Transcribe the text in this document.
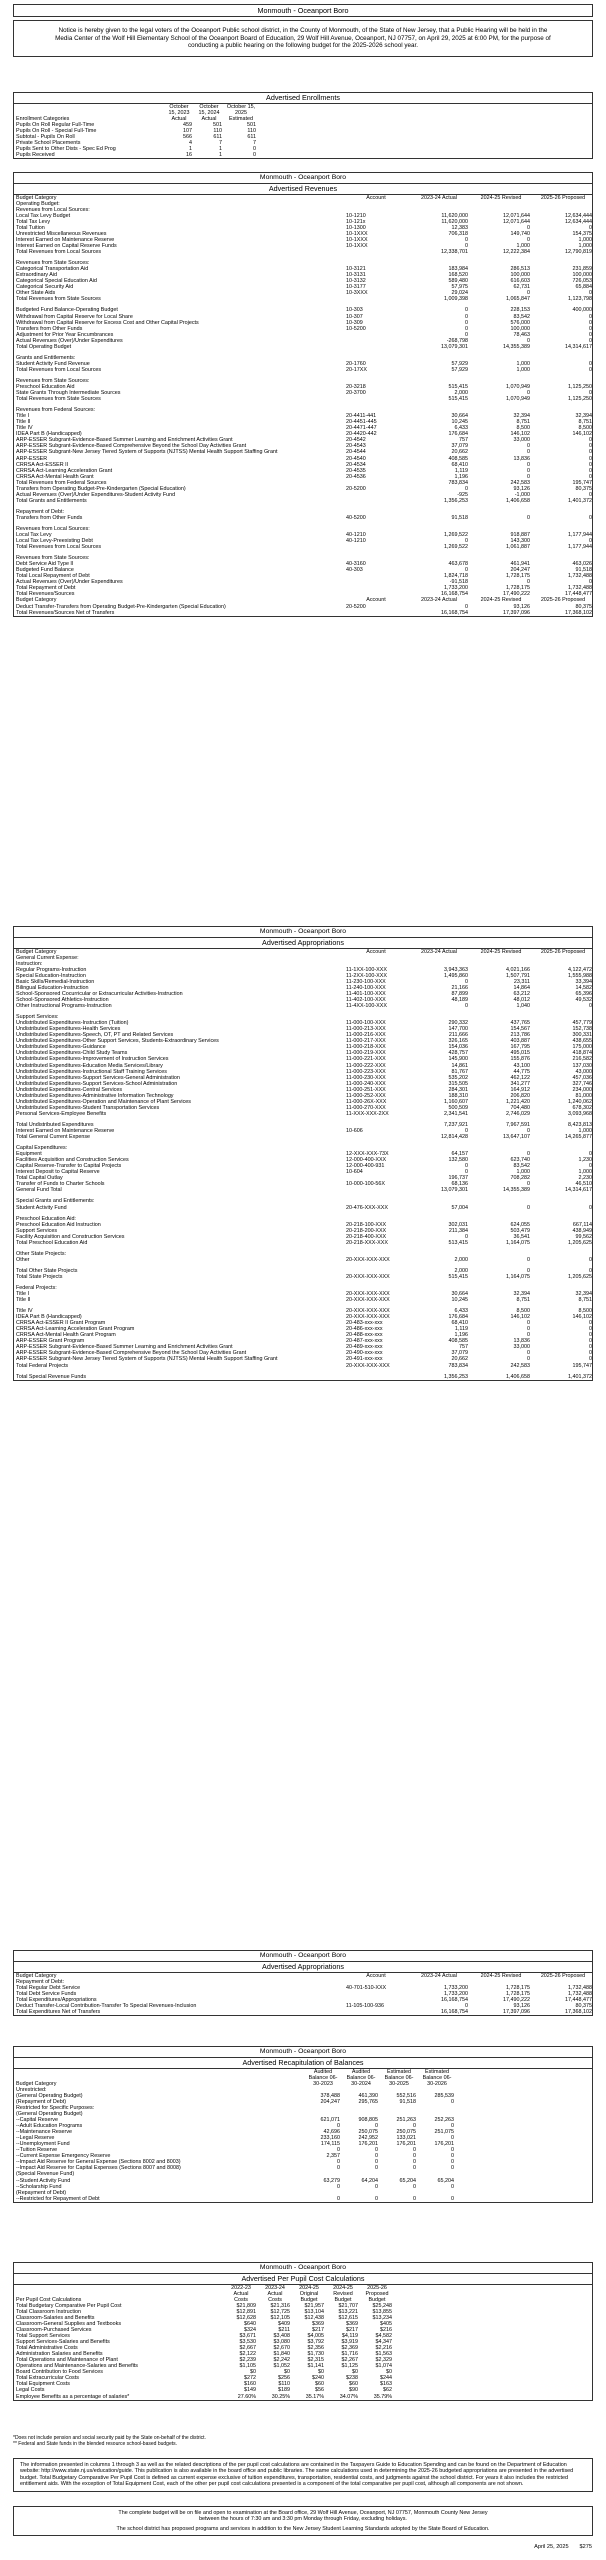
Monmouth - Oceanport Boro
Notice is hereby given to the legal voters of the Oceanport Public school district, in the County of Monmouth, of the State of New Jersey, that a Public Hearing will be held in the Media Center of the Wolf Hill Elementary School of the Oceanport Board of Education, 29 Wolf Hill Avenue, Oceanport, NJ 07757, on April 29, 2025 at 6:00 PM, for the purpose of conducting a public hearing on the following budget for the 2025-2026 school year.
Advertised Enrollments
Enrollment Categories	October 15, 2023 Actual	October 15, 2024 Actual	October 15, 2025 Estimated
Pupils On Roll Regular Full-Time	459	501	501
Pupils On Roll - Special Full-Time	107	110	110
Subtotal - Pupils On Roll	566	611	611
Private School Placements	4	7	7
Pupils Sent to Other Dists - Spec Ed Prog	1	1	0
Pupils Received	16	1	0
Monmouth - Oceanport Boro
Advertised Revenues
Budget Category	Account	2023-24 Actual	2024-25 Revised	2025-26 Proposed
Operating Budget:				
Revenues from Local Sources:				
Local Tax Levy Budget	10-1210	11,620,000	12,071,644	12,634,444
Total Tax Levy	10-121x	11,620,000	12,071,644	12,634,444
Total Tuition	10-1300	12,383	0	0
Unrestricted Miscellaneous Revenues	10-1XXX	706,318	149,740	154,375
Interest Earned on Maintenance Reserve	10-1XXX	0	0	1,000
Interest Earned on Capital Reserve Funds	10-1XXX	0	1,000	1,000
Total Revenues from Local Sources		12,338,701	12,222,384	12,790,819

Revenues from State Sources:				
Categorical Transportation Aid	10-3121	183,984	286,513	231,859
Extraordinary Aid	10-3131	168,520	100,000	100,000
Categorical Special Education Aid	10-3132	589,480	616,603	726,053
Categorical Security Aid	10-3177	57,975	62,731	65,884
Other State Aids	10-3XXX	29,024	0	0
Total Revenues from State Sources		1,009,398	1,065,847	1,123,798

Budgeted Fund Balance-Operating Budget	10-303	0	228,153	400,000
Withdrawal from Capital Reserve for Local Share	10-307	0	83,542	0
Withdrawal from Capital Reserve for Excess Cost and Other Capital Projects	10-309	0	576,000	0
Transfers from Other Funds	10-5200	0	100,000	0
Adjustment for Prior Year Encumbrances		0	78,463	0
Actual Revenues (Over)/Under Expenditures		-268,798	0	0
Total Operating Budget		13,079,301	14,355,389	14,314,617

Grants and Entitlements:				
Student Activity Fund Revenue	20-1760	57,929	1,000	0
Total Revenues from Local Sources	20-17XX	57,929	1,000	0

Revenues from State Sources:				
Preschool Education Aid	20-3218	515,415	1,070,949	1,125,250
State Grants Through Intermediate Sources	20-3700	2,000	0	0
Total Revenues from State Sources		515,415	1,070,949	1,125,250

Revenues from Federal Sources:				
Title I	20-4411-441	30,664	32,394	32,394
Title II	20-4451-445	10,245	8,751	8,751
Title IV	20-4471-447	6,433	8,500	8,500
IDEA Part B (Handicapped)	20-4420-442	176,684	146,102	146,102
ARP-ESSER Subgrant-Evidence-Based Summer Learning and Enrichment Activities Grant	20-4542	757	33,000	0
ARP-ESSER Subgrant-Evidence-Based Comprehensive Beyond the School Day Activities Grant	20-4543	37,079	0	0
ARP-ESSER Subgrant-New Jersey Tiered System of Supports (NJTSS) Mental Health Support Staffing Grant	20-4544	20,662	0	0
ARP-ESSER	20-4540	408,585	13,836	0
CRRSA Act-ESSER II	20-4534	68,410	0	0
CRRSA Act-Learning Acceleration Grant	20-4535	1,119	0	0
CRRSA Act-Mental Health Grant	20-4536	1,196	0	0
Total Revenues from Federal Sources		783,834	242,583	195,747
Transfers from Operating Budget-Pre-Kindergarten (Special Education)	20-5200	0	93,126	80,375
Actual Revenues (Over)/Under Expenditures-Student Activity Fund		-925	-1,000	0
Total Grants and Entitlements		1,356,253	1,406,658	1,401,372

Repayment of Debt:				
Transfers from Other Funds	40-5200	91,518	0	0

Revenues from Local Sources:				
Local Tax Levy	40-1210	1,269,522	918,887	1,177,944
Local Tax Levy-Preexisting Debt	40-1210	0	143,300	0
Total Revenues from Local Sources		1,269,522	1,061,887	1,177,944

Revenues from State Sources:				
Debt Service Aid Type II	40-3160	463,678	461,941	463,026
Budgeted Fund Balance	40-303	0	204,247	91,518
Total Local Repayment of Debt		1,824,718	1,728,175	1,732,488
Actual Revenues (Over)/Under Expenditures		-91,518	0	0
Total Repayment of Debt		1,733,200	1,728,175	1,732,488
Total Revenues/Sources		16,168,754	17,490,222	17,448,477
Budget Category	Account	2023-24 Actual	2024-25 Revised	2025-26 Proposed
Deduct Transfer-Transfers from Operating Budget-Pre-Kindergarten (Special Education)	20-5200	0	93,126	80,375
Total Revenues/Sources Net of Transfers		16,168,754	17,397,096	17,368,102
Monmouth - Oceanport Boro
Advertised Appropriations
Budget Category	Account	2023-24 Actual	2024-25 Revised	2025-26 Proposed
General Current Expense:				
Instruction:				
Regular Programs-Instruction	11-1XX-100-XXX	3,943,363	4,021,166	4,122,472
Special Education-Instruction	11-2XX-100-XXX	1,495,860	1,507,791	1,555,988
Basic Skills/Remedial-Instruction	11-230-100-XXX	0	23,311	33,394
Bilingual Education-Instruction	11-240-100-XXX	21,166	14,864	14,582
School-Sponsored Cocurricular or Extracurricular Activities-Instruction	11-401-100-XXX	87,899	63,212	65,396
School-Sponsored Athletics-Instruction	11-402-100-XXX	48,189	48,012	49,532
Other Instructional Programs-Instruction	11-4XX-100-XXX	0	1,040	0

Support Services:				
Undistributed Expenditures-Instruction (Tuition)	11-000-100-XXX	290,332	437,765	457,779
Undistributed Expenditures-Health Services	11-000-213-XXX	147,700	154,567	152,738
Undistributed Expenditures-Speech, OT, PT and Related Services	11-000-216-XXX	211,666	213,786	300,331
Undistributed Expenditures-Other Support Services, Students-Extraordinary Services	11-000-217-XXX	326,165	403,887	438,655
Undistributed Expenditures-Guidance	11-000-218-XXX	154,036	167,795	175,000
Undistributed Expenditures-Child Study Teams	11-000-219-XXX	428,757	495,015	418,874
Undistributed Expenditures-Improvement of Instruction Services	11-000-221-XXX	145,900	155,876	216,582
Undistributed Expenditures-Education Media Services/Library	11-000-222-XXX	14,861	43,100	137,030
Undistributed Expenditures-Instructional Staff Training Services	11-000-223-XXX	81,767	44,775	43,000
Undistributed Expenditures-Support Services-General Administration	11-000-230-XXX	535,202	462,122	457,036
Undistributed Expenditures-Support Services-School Administration	11-000-240-XXX	315,505	341,277	327,746
Undistributed Expenditures-Central Services	11-000-251-XXX	284,301	164,912	234,000
Undistributed Expenditures-Administrative Information Technology	11-000-252-XXX	188,310	206,820	81,000
Undistributed Expenditures-Operation and Maintenance of Plant Services	11-000-26X-XXX	1,160,607	1,221,420	1,240,062
Undistributed Expenditures-Student Transportation Services	11-000-270-XXX	500,509	704,480	678,302
Personal Services-Employee Benefits	11-XXX-XXX-2XX	2,341,541	2,746,029	3,093,968

Total Undistributed Expenditures		7,237,921	7,967,591	8,423,813
Interest Earned on Maintenance Reserve	10-606	0	0	1,000
Total General Current Expense		12,814,428	13,647,107	14,265,877

Capital Expenditures:				
Equipment	12-XXX-XXX-73X	64,157	0	0
Facilities Acquisition and Construction Services	12-000-400-XXX	132,580	623,740	1,230
Capital Reserve-Transfer to Capital Projects	12-000-400-931	0	83,542	0
Interest Deposit to Capital Reserve	10-604	0	1,000	1,000
Total Capital Outlay		196,737	708,282	2,230
Transfer of Funds to Charter Schools	10-000-100-56X	68,136	0	46,510
General Fund Total		13,079,301	14,355,389	14,314,617

Special Grants and Entitlements:				
Student Activity Fund	20-476-XXX-XXX	57,004	0	0

Preschool Education Aid:				
Preschool Education Aid Instruction	20-218-100-XXX	302,031	624,055	667,114
Support Services	20-218-200-XXX	211,384	503,479	438,949
Facility Acquisition and Construction Services	20-218-400-XXX	0	36,541	99,562
Total Preschool Education Aid	20-218-XXX-XXX	513,415	1,164,075	1,205,625

Other State Projects:				
Other	20-XXX-XXX-XXX	2,000	0	0

Total Other State Projects		2,000	0	0
Total State Projects	20-XXX-XXX-XXX	515,415	1,164,075	1,205,625

Federal Projects:				
Title I	20-XXX-XXX-XXX	30,664	32,394	32,394
Title II	20-XXX-XXX-XXX	10,245	8,751	8,751

Title IV	20-XXX-XXX-XXX	6,433	8,500	8,500
IDEA Part B (Handicapped)	20-XXX-XXX-XXX	176,684	146,102	146,102
CRRSA Act-ESSER II Grant Program	20-483-xxx-xxx	68,410	0	0
CRRSA Act-Learning Acceleration Grant Program	20-486-xxx-xxx	1,119	0	0
CRRSA Act-Mental Health Grant Program	20-488-xxx-xxx	1,196	0	0
ARP-ESSER Grant Program	20-487-xxx-xxx	408,585	13,836	0
ARP-ESSER Subgrant-Evidence-Based Summer Learning and Enrichment Activities Grant	20-489-xxx-xxx	757	33,000	0
ARP-ESSER Subgrant-Evidence-Based Comprehensive Beyond the School Day Activities Grant	20-490-xxx-xxx	37,079	0	0
ARP-ESSER Subgrant-New Jersey Tiered System of Supports (NJTSS) Mental Health Support Staffing Grant	20-491-xxx-xxx	20,662	0	0
Total Federal Projects	20-XXX-XXX-XXX	783,834	242,583	195,747

Total Special Revenue Funds		1,356,253	1,406,658	1,401,372
Monmouth - Oceanport Boro
Advertised Appropriations
Budget Category	Account	2023-24 Actual	2024-25 Revised	2025-26 Proposed
Repayment of Debt:				
Total Regular Debt Service	40-701-510-XXX	1,733,200	1,728,175	1,732,488
Total Debt Service Funds		1,733,200	1,728,175	1,732,488
Total Expenditures/Appropriations		16,168,754	17,490,222	17,448,477
Deduct Transfer-Local Contribution-Transfer To Special Revenues-Inclusion	11-105-100-936	0	93,126	80,375
Total Expenditures Net of Transfers		16,168,754	17,397,096	17,368,102
Monmouth - Oceanport Boro
Advertised Recapitulation of Balances
Budget Category	Audited Balance 06-30-2023	Audited Balance 06-30-2024	Estimated Balance 06-30-2025	Estimated Balance 06-30-2026
Unrestricted:				
(General Operating Budget)	378,488	461,390	552,516	285,539
(Repayment of Debt)	204,247	295,765	91,518	0
Restricted for Specific Purposes:				
(General Operating Budget)				
--Capital Reserve	621,071	908,805	251,263	252,263
--Adult Education Programs	0	0	0	0
--Maintenance Reserve	42,696	250,075	250,075	251,075
--Legal Reserve	233,160	242,952	133,021	0
--Unemployment Fund	174,115	176,201	176,201	176,201
--Tuition Reserve	0	0	0	0
--Current Expense Emergency Reserve	2,357	0	0	0
--Impact Aid Reserve for General Expense (Sections 8002 and 8003)	0	0	0	0
--Impact Aid Reserve for Capital Expenses (Sections 8007 and 8008)	0	0	0	0
(Special Revenue Fund)				
--Student Activity Fund	63,279	64,204	65,204	65,204
--Scholarship Fund	0	0	0	0
(Repayment of Debt)				
--Restricted for Repayment of Debt	0	0	0	0
Monmouth - Oceanport Boro
Advertised Per Pupil Cost Calculations
Per Pupil Cost Calculations	2022-23 Actual Costs	2023-24 Actual Costs	2024-25 Original Budget	2024-25 Revised Budget	2025-26 Proposed Budget
Total Budgetary Comparative Per Pupil Cost	$21,809	$21,316	$21,957	$21,707	$25,248
Total Classroom Instruction	$12,891	$12,725	$13,104	$13,221	$13,855
Classroom-Salaries and Benefits	$12,628	$12,105	$12,438	$12,615	$13,234
Classroom-General Supplies and Textbooks	$640	$409	$369	$369	$405
Classroom-Purchased Services	$324	$211	$217	$217	$216
Total Support Services	$3,671	$3,408	$4,005	$4,119	$4,582
Support Services-Salaries and Benefits	$3,530	$3,080	$3,792	$3,919	$4,347
Total Administrative Costs	$2,667	$2,670	$2,356	$2,369	$2,216
Administration Salaries and Benefits	$2,122	$1,840	$1,730	$1,716	$1,563
Total Operations and Maintenance of Plant	$2,239	$2,242	$2,315	$2,267	$2,329
Operations and Maintenance-Salaries and Benefits	$1,105	$1,052	$1,141	$1,125	$1,074
Board Contribution to Food Services	$0	$0	$0	$0	$0
Total Extracurricular Costs	$272	$256	$240	$238	$244
Total Equipment Costs	$160	$110	$60	$60	$163
Legal Costs	$149	$189	$56	$90	$62
Employee Benefits as a percentage of salaries*	27.60%	30.25%	35.17%	34.07%	35.79%
*Does not include pension and social security paid by the State on-behalf of the district.
** Federal and State funds in the blended resource school-based budgets.
The information presented in columns 1 through 3 as well as the related descriptions of the per pupil cost calculations are contained in the Taxpayers Guide to Education Spending and can be found on the Department of Education website: http://www.state.nj.us/education/guide. This publication is also available in the board office and public libraries. The same calculations used in determining the 2025-26 budgeted appropriations are presented in the advertised budget. Total Budgetary Comparative Per Pupil Cost is defined as current expense exclusive of tuition expenditures, transportation, residential costs, and judgments against the school district. For years it also includes the restricted entitlement aids. With the exception of Total Equipment Cost, each of the other per pupil cost calculations presented is a component of the total comparative per pupil cost, although all components are not shown.
The complete budget will be on file and open to examination at the Board office, 29 Wolf Hill Avenue, Oceanport, NJ 07757, Monmouth County New Jersey
between the hours of 7:30 am and 3:30 pm Monday through Friday, excluding holidays.
The school district has proposed programs and services in addition to the New Jersey Student Learning Standards adopted by the State Board of Education.
April 25, 2025 $275
